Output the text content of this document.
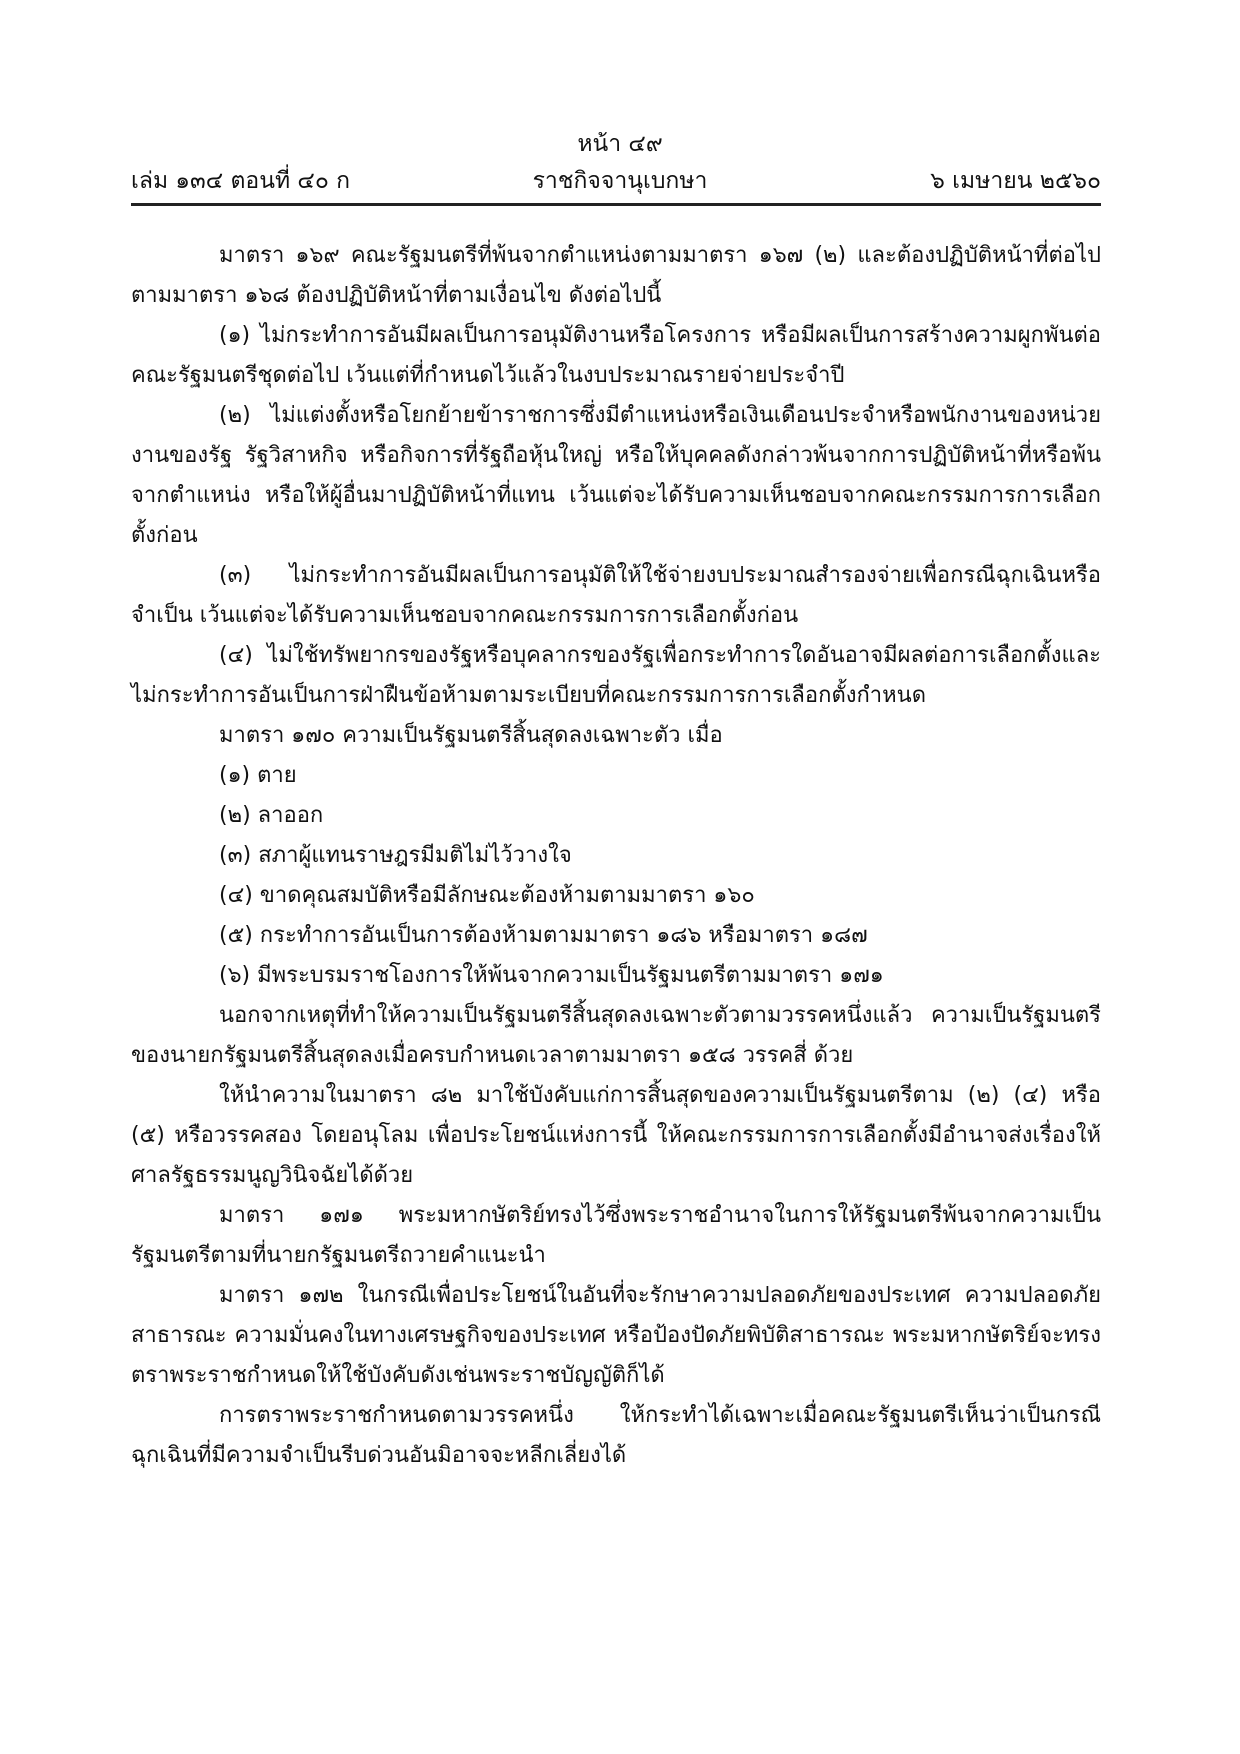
หน้า ๔๙
เล่ม ๑๓๔ ตอนที่ ๔๐ ก	ราชกิจจานุเบกษา	๖ เมษายน ๒๕๖๐

มาตรา ๑๖๙ คณะรัฐมนตรีที่พ้นจากตำแหน่งตามมาตรา ๑๖๗ (๒) และต้องปฏิบัติหน้าที่ต่อไปตามมาตรา ๑๖๘ ต้องปฏิบัติหน้าที่ตามเงื่อนไข ดังต่อไปนี้

(๑) ไม่กระทำการอันมีผลเป็นการอนุมัติงานหรือโครงการ หรือมีผลเป็นการสร้างความผูกพันต่อคณะรัฐมนตรีชุดต่อไป เว้นแต่ที่กำหนดไว้แล้วในงบประมาณรายจ่ายประจำปี

(๒) ไม่แต่งตั้งหรือโยกย้ายข้าราชการซึ่งมีตำแหน่งหรือเงินเดือนประจำหรือพนักงานของหน่วยงานของรัฐ รัฐวิสาหกิจ หรือกิจการที่รัฐถือหุ้นใหญ่ หรือให้บุคคลดังกล่าวพ้นจากการปฏิบัติหน้าที่หรือพ้นจากตำแหน่ง หรือให้ผู้อื่นมาปฏิบัติหน้าที่แทน เว้นแต่จะได้รับความเห็นชอบจากคณะกรรมการการเลือกตั้งก่อน

(๓) ไม่กระทำการอันมีผลเป็นการอนุมัติให้ใช้จ่ายงบประมาณสำรองจ่ายเพื่อกรณีฉุกเฉินหรือจำเป็น เว้นแต่จะได้รับความเห็นชอบจากคณะกรรมการการเลือกตั้งก่อน

(๔) ไม่ใช้ทรัพยากรของรัฐหรือบุคลากรของรัฐเพื่อกระทำการใดอันอาจมีผลต่อการเลือกตั้งและไม่กระทำการอันเป็นการฝ่าฝืนข้อห้ามตามระเบียบที่คณะกรรมการการเลือกตั้งกำหนด

มาตรา ๑๗๐ ความเป็นรัฐมนตรีสิ้นสุดลงเฉพาะตัว เมื่อ

(๑) ตาย

(๒) ลาออก

(๓) สภาผู้แทนราษฎรมีมติไม่ไว้วางใจ

(๔) ขาดคุณสมบัติหรือมีลักษณะต้องห้ามตามมาตรา ๑๖๐

(๕) กระทำการอันเป็นการต้องห้ามตามมาตรา ๑๘๖ หรือมาตรา ๑๘๗

(๖) มีพระบรมราชโองการให้พ้นจากความเป็นรัฐมนตรีตามมาตรา ๑๗๑

นอกจากเหตุที่ทำให้ความเป็นรัฐมนตรีสิ้นสุดลงเฉพาะตัวตามวรรคหนึ่งแล้ว ความเป็นรัฐมนตรีของนายกรัฐมนตรีสิ้นสุดลงเมื่อครบกำหนดเวลาตามมาตรา ๑๕๘ วรรคสี่ ด้วย

ให้นำความในมาตรา ๘๒ มาใช้บังคับแก่การสิ้นสุดของความเป็นรัฐมนตรีตาม (๒) (๔) หรือ (๕) หรือวรรคสอง โดยอนุโลม เพื่อประโยชน์แห่งการนี้ ให้คณะกรรมการการเลือกตั้งมีอำนาจส่งเรื่องให้ศาลรัฐธรรมนูญวินิจฉัยได้ด้วย

มาตรา ๑๗๑ พระมหากษัตริย์ทรงไว้ซึ่งพระราชอำนาจในการให้รัฐมนตรีพ้นจากความเป็นรัฐมนตรีตามที่นายกรัฐมนตรีถวายคำแนะนำ

มาตรา ๑๗๒ ในกรณีเพื่อประโยชน์ในอันที่จะรักษาความปลอดภัยของประเทศ ความปลอดภัยสาธารณะ ความมั่นคงในทางเศรษฐกิจของประเทศ หรือป้องปัดภัยพิบัติสาธารณะ พระมหากษัตริย์จะทรงตราพระราชกำหนดให้ใช้บังคับดังเช่นพระราชบัญญัติก็ได้

การตราพระราชกำหนดตามวรรคหนึ่ง ให้กระทำได้เฉพาะเมื่อคณะรัฐมนตรีเห็นว่าเป็นกรณีฉุกเฉินที่มีความจำเป็นรีบด่วนอันมิอาจจะหลีกเลี่ยงได้
